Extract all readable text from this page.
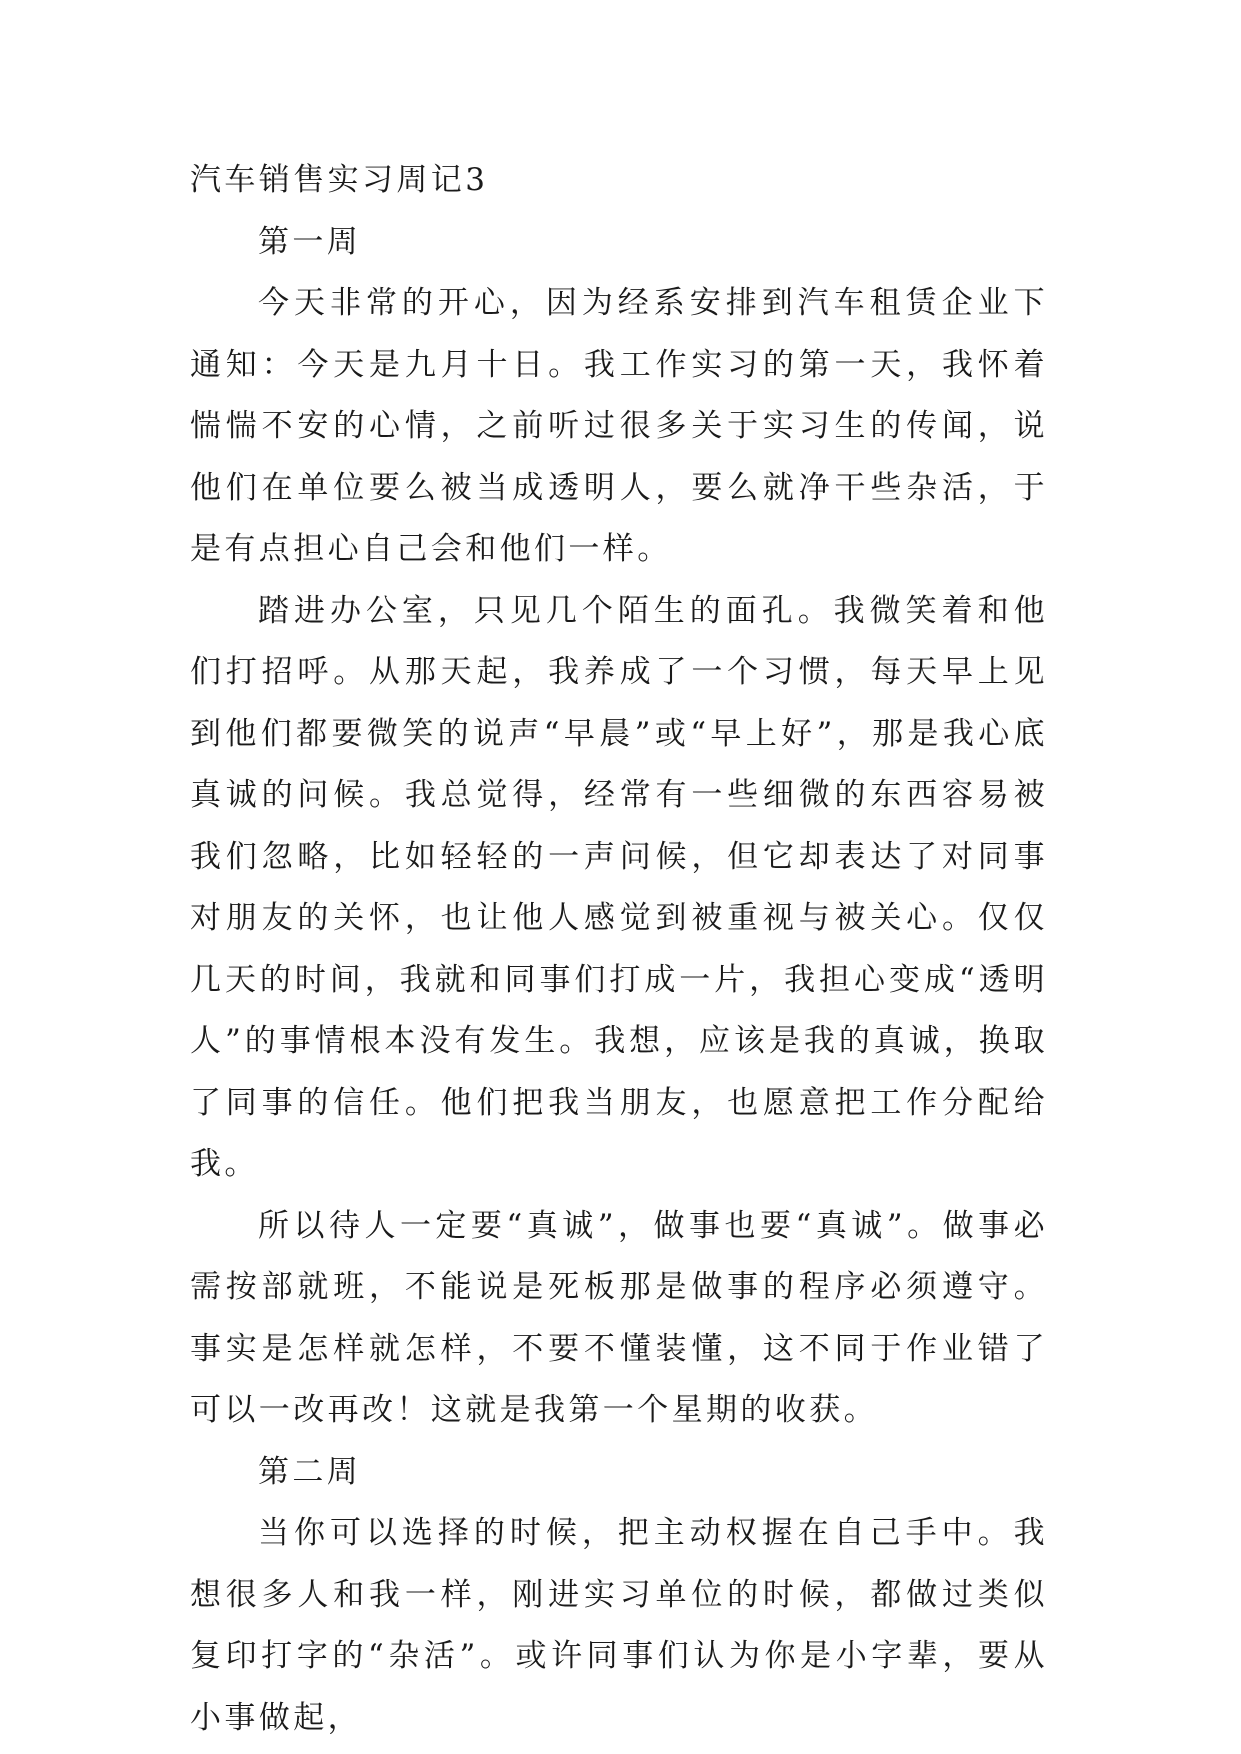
汽车销售实习周记3

第一周

今天非常的开心，因为经系安排到汽车租赁企业下通知：今天是九月十日。我工作实习的第一天，我怀着惴惴不安的心情，之前听过很多关于实习生的传闻，说他们在单位要么被当成透明人，要么就净干些杂活，于是有点担心自己会和他们一样。

踏进办公室，只见几个陌生的面孔。我微笑着和他们打招呼。从那天起，我养成了一个习惯，每天早上见到他们都要微笑的说声“早晨”或“早上好”，那是我心底真诚的问候。我总觉得，经常有一些细微的东西容易被我们忽略，比如轻轻的一声问候，但它却表达了对同事对朋友的关怀，也让他人感觉到被重视与被关心。仅仅几天的时间，我就和同事们打成一片，我担心变成“透明人”的事情根本没有发生。我想，应该是我的真诚，换取了同事的信任。他们把我当朋友，也愿意把工作分配给我。

所以待人一定要“真诚”，做事也要“真诚”。做事必需按部就班，不能说是死板那是做事的程序必须遵守。事实是怎样就怎样，不要不懂装懂，这不同于作业错了可以一改再改！这就是我第一个星期的收获。

第二周

当你可以选择的时候，把主动权握在自己手中。我想很多人和我一样，刚进实习单位的时候，都做过类似复印打字的“杂活”。或许同事们认为你是小字辈，要从小事做起，
